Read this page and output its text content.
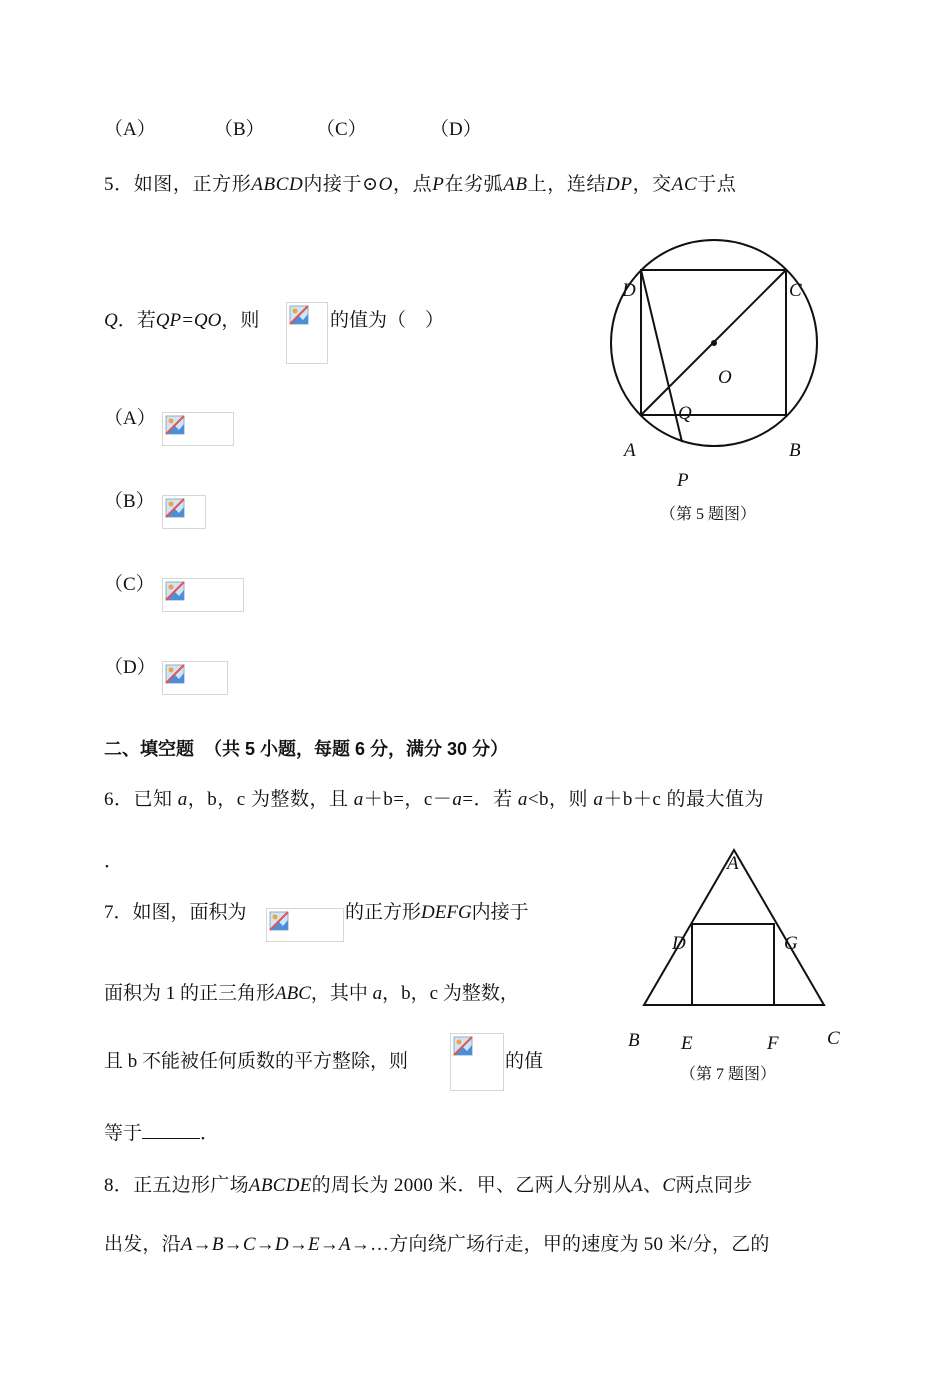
（A）	（B）	（C）	（D）
5．如图，正方形ABCD内接于⊙O，点P在劣弧AB上，连结DP，交AC于点
Q．若QP=QO，则	的值为（　）
（A）
（B）
（C）
（D）
D	C
O
Q
A	B
P
（第 5 题图）
二、填空题 （共 5 小题，每题 6 分，满分 30 分）
6．已知 a，b，c 为整数，且 a＋b=，c－a=．若 a<b，则 a＋b＋c 的最大值为
．
7．如图，面积为	的正方形DEFG内接于
面积为 1 的正三角形ABC，其中 a，b，c 为整数，
且 b 不能被任何质数的平方整除，则	的值
等于	．
A
D	G
B E	F	C
（第 7 题图）
8．正五边形广场ABCDE的周长为 2000 米．甲、乙两人分别从A、C两点同步
出发，沿A→B→C→D→E→A→…方向绕广场行走，甲的速度为 50 米/分，乙的
